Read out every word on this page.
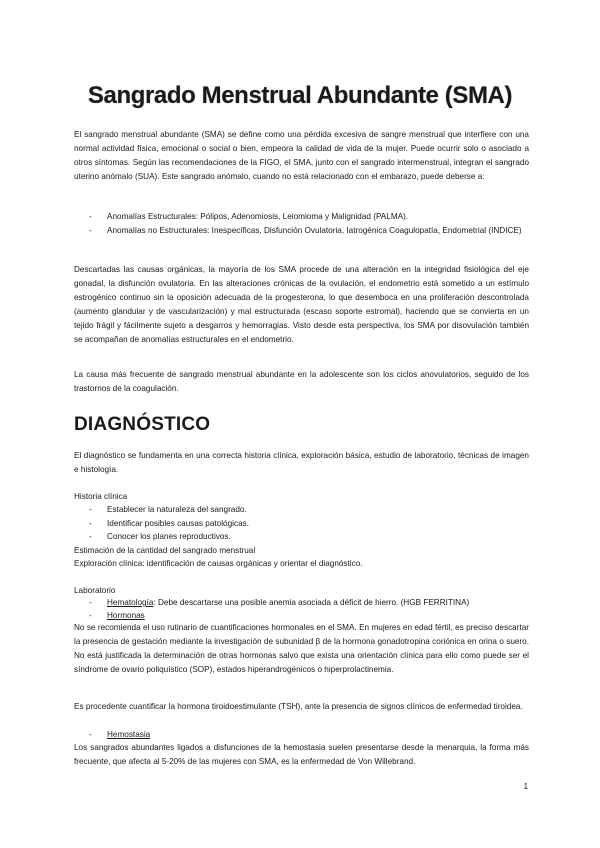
Sangrado Menstrual Abundante (SMA)

El sangrado menstrual abundante (SMA) se define como una pérdida excesiva de sangre menstrual que interfiere con una normal actividad física, emocional o social o bien, empeora la calidad de vida de la mujer. Puede ocurrir solo o asociado a otros síntomas. Según las recomendaciones de la FIGO, el SMA, junto con el sangrado intermenstrual, integran el sangrado uterino anómalo (SUA). Este sangrado anómalo, cuando no está relacionado con el embarazo, puede deberse a:

- Anomalías Estructurales: Pólipos, Adenomiosis, Leiomioma y Malignidad (PALMA).
- Anomalías no Estructurales: Inespecíficas, Disfunción Ovulatoria, Iatrogénica Coagulopatía, Endometrial (INDICE)

Descartadas las causas orgánicas, la mayoría de los SMA procede de una alteración en la integridad fisiológica del eje gonadal, la disfunción ovulatoria. En las alteraciones crónicas de la ovulación, el endometrio está sometido a un estímulo estrogénico continuo sin la oposición adecuada de la progesterona, lo que desemboca en una proliferación descontrolada (aumento glandular y de vascularización) y mal estructurada (escaso soporte estromal), haciendo que se convierta en un tejido frágil y fácilmente sujeto a desgarros y hemorragias. Visto desde esta perspectiva, los SMA por disovulación también se acompañan de anomalías estructurales en el endometrio.

La causa más frecuente de sangrado menstrual abundante en la adolescente son los ciclos anovulatorios, seguido de los trastornos de la coagulación.

DIAGNÓSTICO

El diagnóstico se fundamenta en una correcta historia clínica, exploración básica, estudio de laboratorio, técnicas de imagen e histología.

Historia clínica

- Establecer la naturaleza del sangrado.
- Identificar posibles causas patológicas.
- Conocer los planes reproductivos.

Estimación de la cantidad del sangrado menstrual

Exploración clínica: identificación de causas orgánicas y orientar el diagnóstico.

Laboratorio

- Hematología: Debe descartarse una posible anemia asociada a déficit de hierro. (HGB FERRITINA)
- Hormonas

No se recomienda el uso rutinario de cuantificaciones hormonales en el SMA. En mujeres en edad fértil, es preciso descartar la presencia de gestación mediante la investigación de subunidad β de la hormona gonadotropina coriónica en orina o suero. No está justificada la determinación de otras hormonas salvo que exista una orientación clínica para ello como puede ser el síndrome de ovario poliquístico (SOP), estados hiperandrogénicos o hiperprolactinemia.

Es procedente cuantificar la hormona tiroidoestimulante (TSH), ante la presencia de signos clínicos de enfermedad tiroidea.

- Hemostasia

Los sangrados abundantes ligados a disfunciones de la hemostasia suelen presentarse desde la menarquia, la forma más frecuente, que afecta al 5-20% de las mujeres con SMA, es la enfermedad de Von Willebrand.

1
